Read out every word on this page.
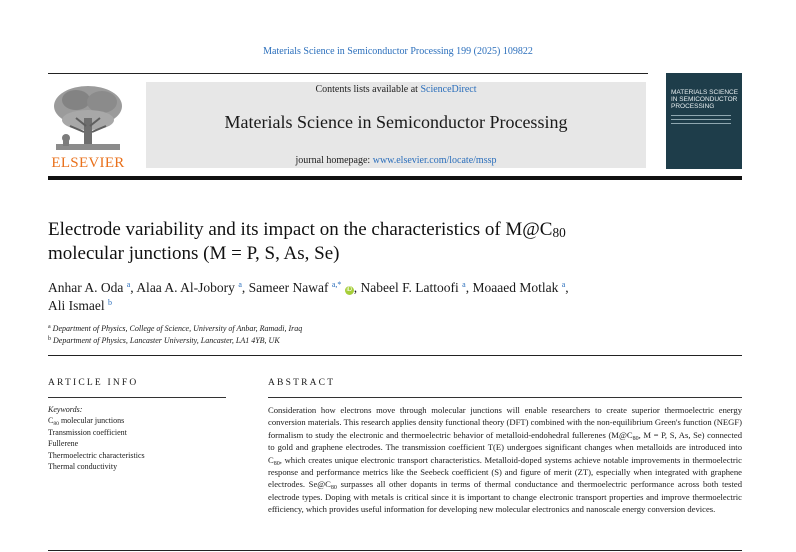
Materials Science in Semiconductor Processing 199 (2025) 109822
ELSEVIER
Contents lists available at ScienceDirect
Materials Science in Semiconductor Processing
journal homepage: www.elsevier.com/locate/mssp
MATERIALS SCIENCE IN SEMICONDUCTOR PROCESSING
Electrode variability and its impact on the characteristics of $M@C_{80}$
molecular junctions (M = P, S, As, Se)
Anhar A. Oda $^a$, Alaa A. Al-Jobory $^a$, Sameer Nawaf $^{a,*}$ iD , Nabeel F. Lattoofi $^a$, Moaaed Motlak $^a$,
Ali Ismael $^b$
$^a$ Department of Physics, College of Science, University of Anbar, Ramadi, Iraq
$^b$ Department of Physics, Lancaster University, Lancaster, LA1 4YB, UK
ARTICLE INFO	ABSTRACT
Keywords:
$C_{80}$ molecular junctions
Transmission coefficient
Fullerene
Thermoelectric characteristics
Thermal conductivity
Consideration how electrons move through molecular junctions will enable researchers to create superior thermoelectric energy conversion materials. This research applies density functional theory (DFT) combined with the non-equilibrium Green's function (NEGF) formalism to study the electronic and thermoelectric behavior of metalloid-endohedral fullerenes ($M@C_{80}$, M = P, S, As, Se) connected to gold and graphene electrodes. The transmission coefficient T(E) undergoes significant changes when metalloids are introduced into $C_{80}$, which creates unique electronic transport characteristics. Metalloid-doped systems achieve notable improvements in thermoelectric response and performance metrics like the Seebeck coefficient (S) and figure of merit (ZT), especially when integrated with graphene electrodes. $Se@C_{80}$ surpasses all other dopants in terms of thermal conductance and thermoelectric performance across both tested electrode types. Doping with metals is critical since it is important to change electronic transport properties and improve thermoelectric efficiency, which provides useful information for developing new molecular electronics and nanoscale energy conversion devices.
